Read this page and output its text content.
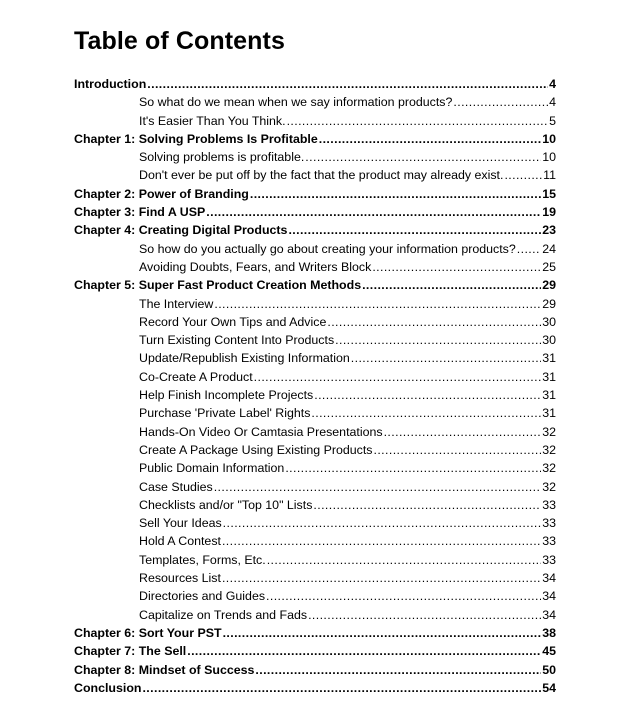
Table of Contents
Introduction .....	4
So what do we mean when we say information products? .....	4
It's Easier Than You Think. .....	5
Chapter 1: Solving Problems Is Profitable .....	10
Solving problems is profitable. .....	10
Don't ever be put off by the fact that the product may already exist. .....	11
Chapter 2: Power of Branding .....	15
Chapter 3: Find A USP .....	19
Chapter 4: Creating Digital Products .....	23
So how do you actually go about creating your information products? ..... 24
Avoiding Doubts, Fears, and Writers Block .....	25
Chapter 5: Super Fast Product Creation Methods .....	29
The Interview .....	29
Record Your Own Tips and Advice .....	30
Turn Existing Content Into Products .....	30
Update/Republish Existing Information .....	31
Co-Create A Product .....	31
Help Finish Incomplete Projects .....	31
Purchase 'Private Label' Rights .....	31
Hands-On Video Or Camtasia Presentations .....	32
Create A Package Using Existing Products .....	32
Public Domain Information .....	32
Case Studies .....	32
Checklists and/or "Top 10" Lists .....	33
Sell Your Ideas .....	33
Hold A Contest .....	33
Templates, Forms, Etc. .....	33
Resources List .....	34
Directories and Guides .....	34
Capitalize on Trends and Fads .....	34
Chapter 6: Sort Your PST .....	38
Chapter 7: The Sell .....	45
Chapter 8: Mindset of Success .....	50
Conclusion .....	54
